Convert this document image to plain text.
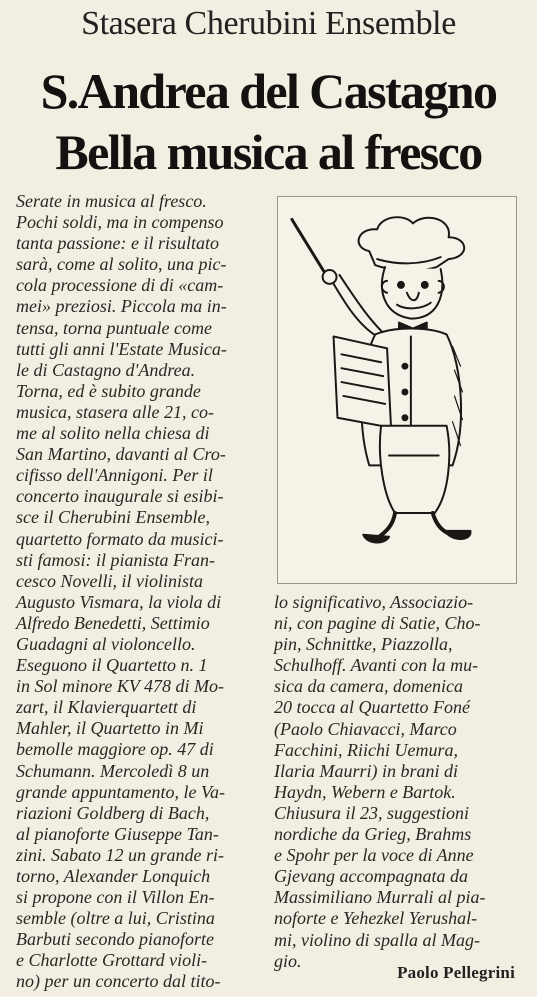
Stasera Cherubini Ensemble
S.Andrea del Castagno
Bella musica al fresco
Serate in musica al fresco.
Pochi soldi, ma in compenso
tanta passione: e il risultato
sarà, come al solito, una pic-
cola processione di di «cam-
mei» preziosi. Piccola ma in-
tensa, torna puntuale come
tutti gli anni l'Estate Musica-
le di Castagno d'Andrea.
Torna, ed è subito grande
musica, stasera alle 21, co-
me al solito nella chiesa di
San Martino, davanti al Cro-
cifisso dell'Annigoni. Per il
concerto inaugurale si esibi-
sce il Cherubini Ensemble,
quartetto formato da musici-
sti famosi: il pianista Fran-
cesco Novelli, il violinista
Augusto Vismara, la viola di
Alfredo Benedetti, Settimio
Guadagni al violoncello.
Eseguono il Quartetto n. 1
in Sol minore KV 478 di Mo-
zart, il Klavierquartett di
Mahler, il Quartetto in Mi
bemolle maggiore op. 47 di
Schumann. Mercoledì 8 un
grande appuntamento, le Va-
riazioni Goldberg di Bach,
al pianoforte Giuseppe Tan-
zini. Sabato 12 un grande ri-
torno, Alexander Lonquich
si propone con il Villon En-
semble (oltre a lui, Cristina
Barbuti secondo pianoforte
e Charlotte Grottard violi-
no) per un concerto dal tito-
lo significativo, Associazio-
ni, con pagine di Satie, Cho-
pin, Schnittke, Piazzolla,
Schulhoff. Avanti con la mu-
sica da camera, domenica
20 tocca al Quartetto Foné
(Paolo Chiavacci, Marco
Facchini, Riichi Uemura,
Ilaria Maurri) in brani di
Haydn, Webern e Bartok.
Chiusura il 23, suggestioni
nordiche da Grieg, Brahms
e Spohr per la voce di Anne
Gjevang accompagnata da
Massimiliano Murrali al pia-
noforte e Yehezkel Yerushal-
mi, violino di spalla al Mag-
gio.
Paolo Pellegrini
